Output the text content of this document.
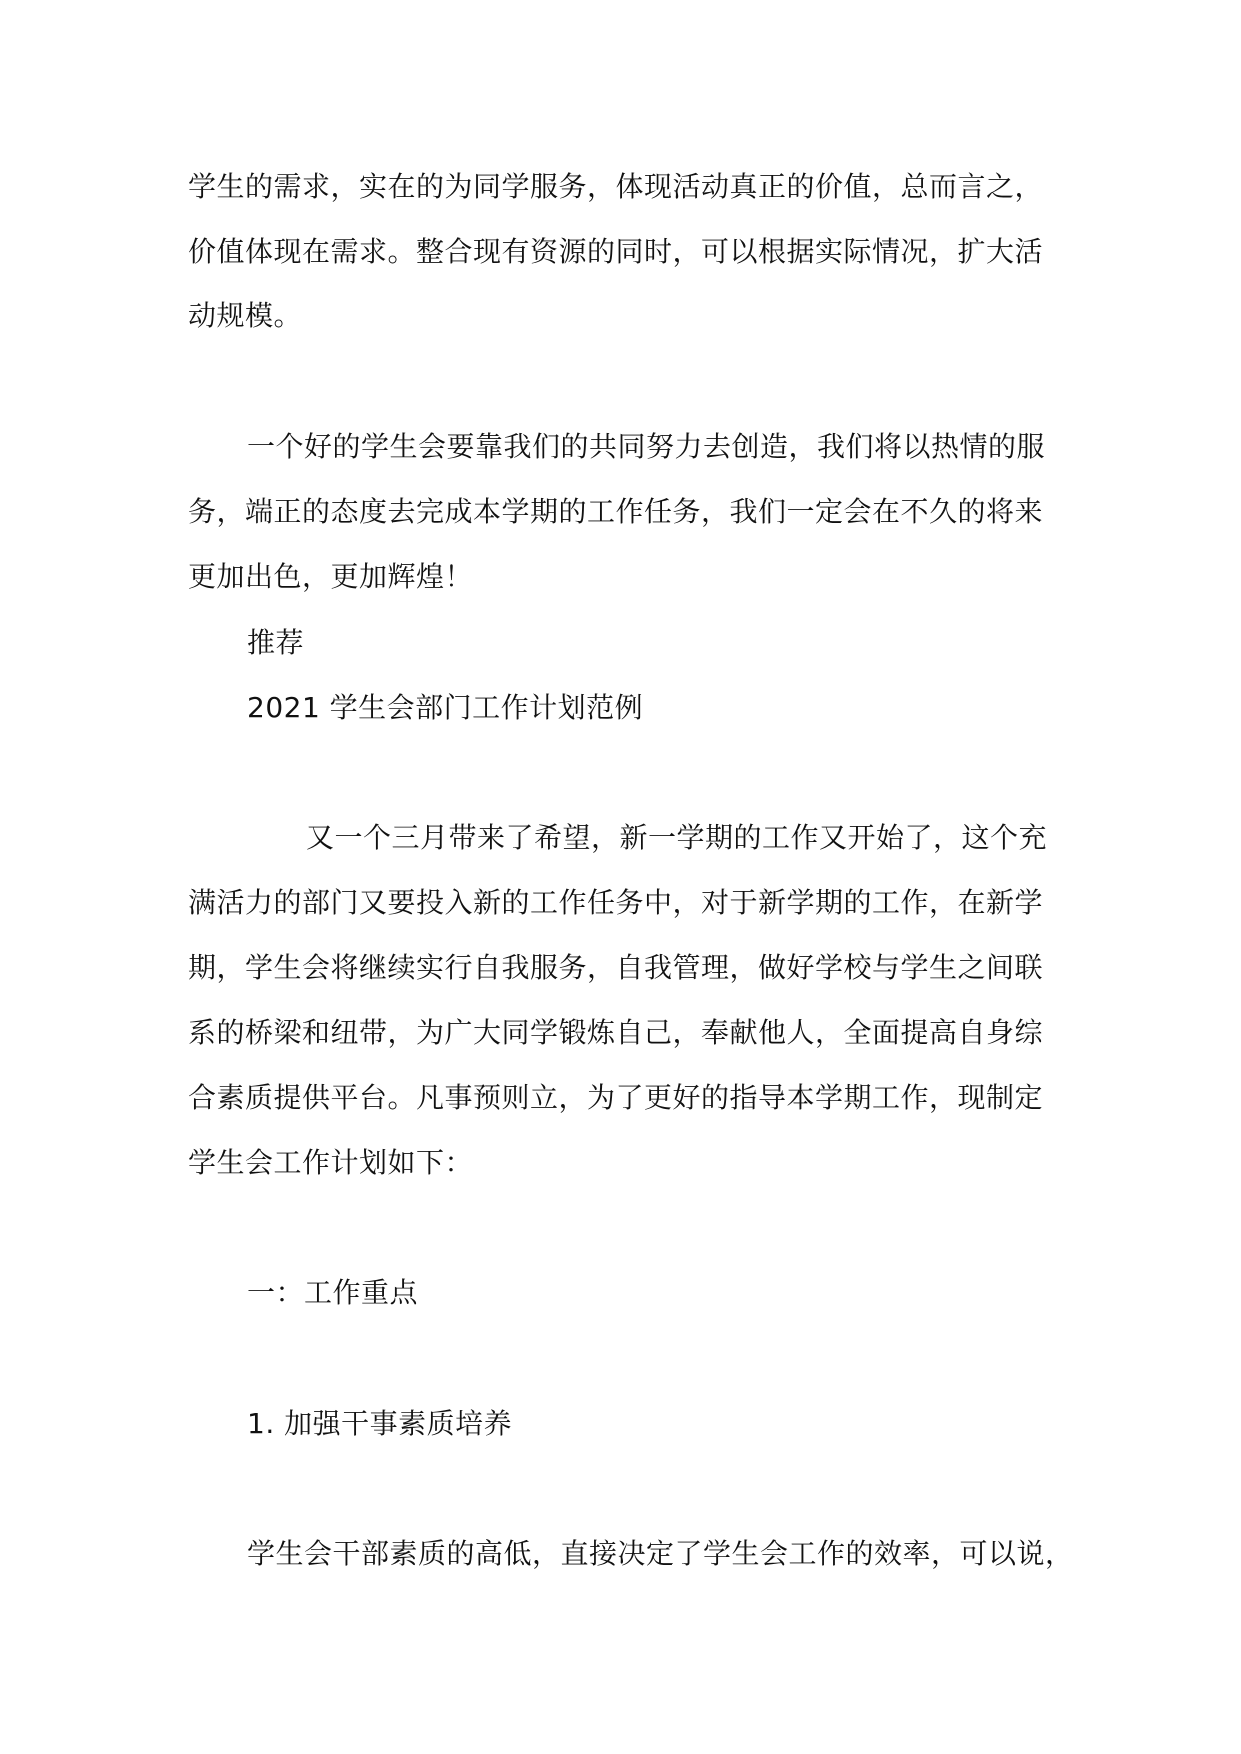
学生的需求，实在的为同学服务，体现活动真正的价值，总而言之，
价值体现在需求。整合现有资源的同时，可以根据实际情况，扩大活
动规模。
一个好的学生会要靠我们的共同努力去创造，我们将以热情的服
务，端正的态度去完成本学期的工作任务，我们一定会在不久的将来
更加出色，更加辉煌！
推荐
2021 学生会部门工作计划范例
又一个三月带来了希望，新一学期的工作又开始了，这个充
满活力的部门又要投入新的工作任务中，对于新学期的工作，在新学
期，学生会将继续实行自我服务，自我管理，做好学校与学生之间联
系的桥梁和纽带，为广大同学锻炼自己，奉献他人，全面提高自身综
合素质提供平台。凡事预则立，为了更好的指导本学期工作，现制定
学生会工作计划如下：
一：工作重点
1. 加强干事素质培养
学生会干部素质的高低，直接决定了学生会工作的效率，可以说，
